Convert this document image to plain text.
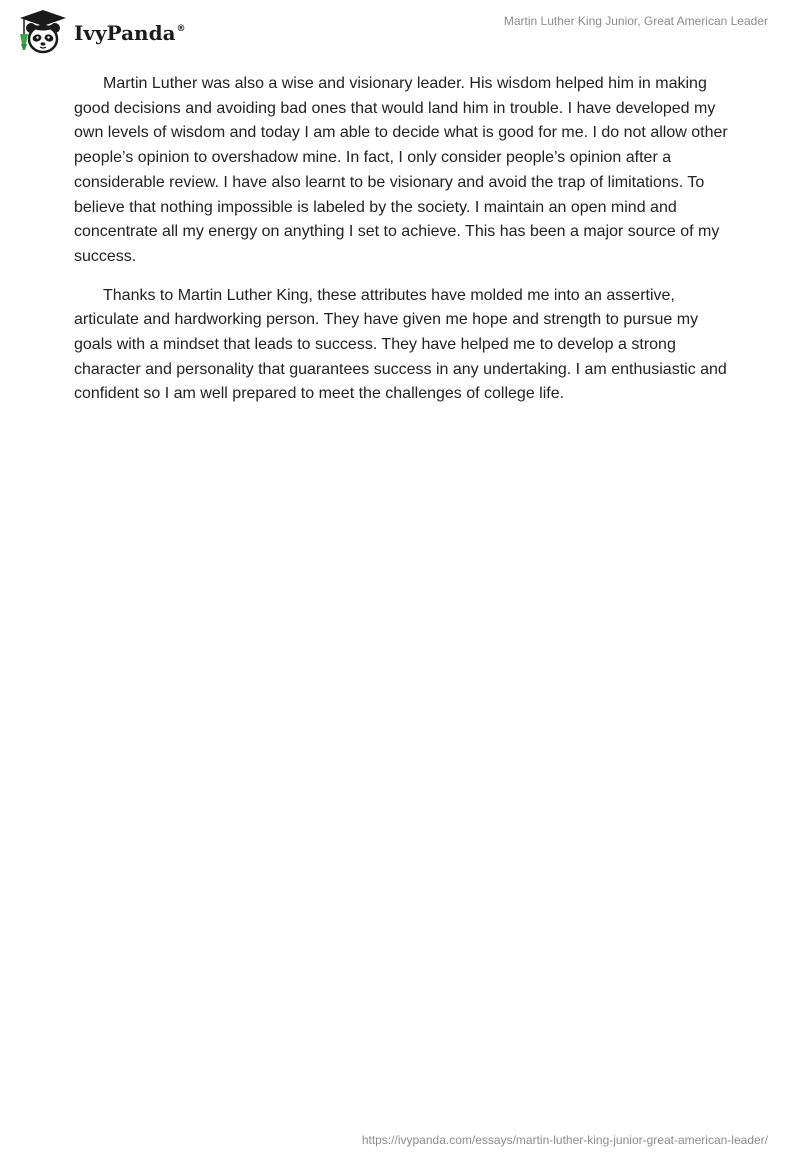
IvyPanda®
Martin Luther King Junior, Great American Leader

Martin Luther was also a wise and visionary leader. His wisdom helped him in making good decisions and avoiding bad ones that would land him in trouble. I have developed my own levels of wisdom and today I am able to decide what is good for me. I do not allow other people’s opinion to overshadow mine. In fact, I only consider people’s opinion after a considerable review. I have also learnt to be visionary and avoid the trap of limitations. To believe that nothing impossible is labeled by the society. I maintain an open mind and concentrate all my energy on anything I set to achieve. This has been a major source of my success.

Thanks to Martin Luther King, these attributes have molded me into an assertive, articulate and hardworking person. They have given me hope and strength to pursue my goals with a mindset that leads to success. They have helped me to develop a strong character and personality that guarantees success in any undertaking. I am enthusiastic and confident so I am well prepared to meet the challenges of college life.

https://ivypanda.com/essays/martin-luther-king-junior-great-american-leader/
